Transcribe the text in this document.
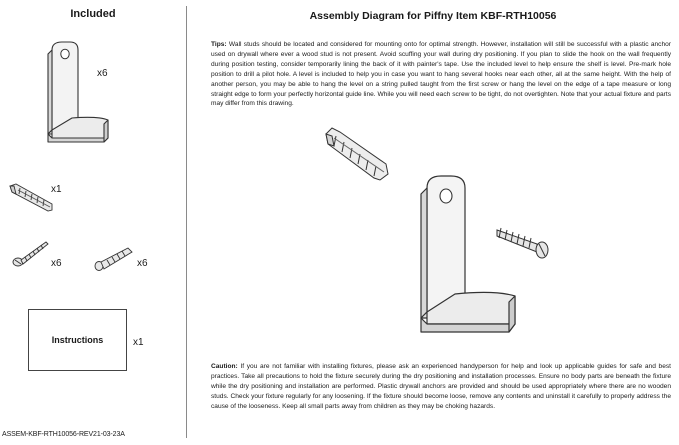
Included
x6
x1
x6	x6
Instructions	x1
ASSEM-KBF-RTH10056-REV21-03-23A
Assembly Diagram for Piffny Item KBF-RTH10056

Tips: Wall studs should be located and considered for mounting onto for optimal strength. However, installation will still be successful with a plastic anchor used on drywall where ever a wood stud is not present. Avoid scuffing your wall during dry positioning. If you plan to slide the hook on the wall frequently during position testing, consider temporarily lining the back of it with painter's tape. Use the included level to help ensure the shelf is level. Pre-mark hole position to drill a pilot hole. A level is included to help you in case you want to hang several hooks near each other, all at the same height. With the help of another person, you may be able to hang the level on a string pulled taught from the first screw or hang the level on the edge of a tape measure or long straight edge to form your perfectly horizontal guide line. While you will need each screw to be tight, do not overtighten. Note that your actual fixture and parts may differ from this drawing.

Caution: If you are not familiar with installing fixtures, please ask an experienced handyperson for help and look up applicable guides for safe and best practices. Take all precautions to hold the fixture securely during the dry positioning and installation processes. Ensure no body parts are beneath the fixture while the dry positioning and installation are performed. Plastic drywall anchors are provided and should be used appropriately where there are no wooden studs. Check your fixture regularly for any loosening. If the fixture should become loose, remove any contents and uninstall it carefully to properly address the cause of the looseness. Keep all small parts away from children as they may be choking hazards.
